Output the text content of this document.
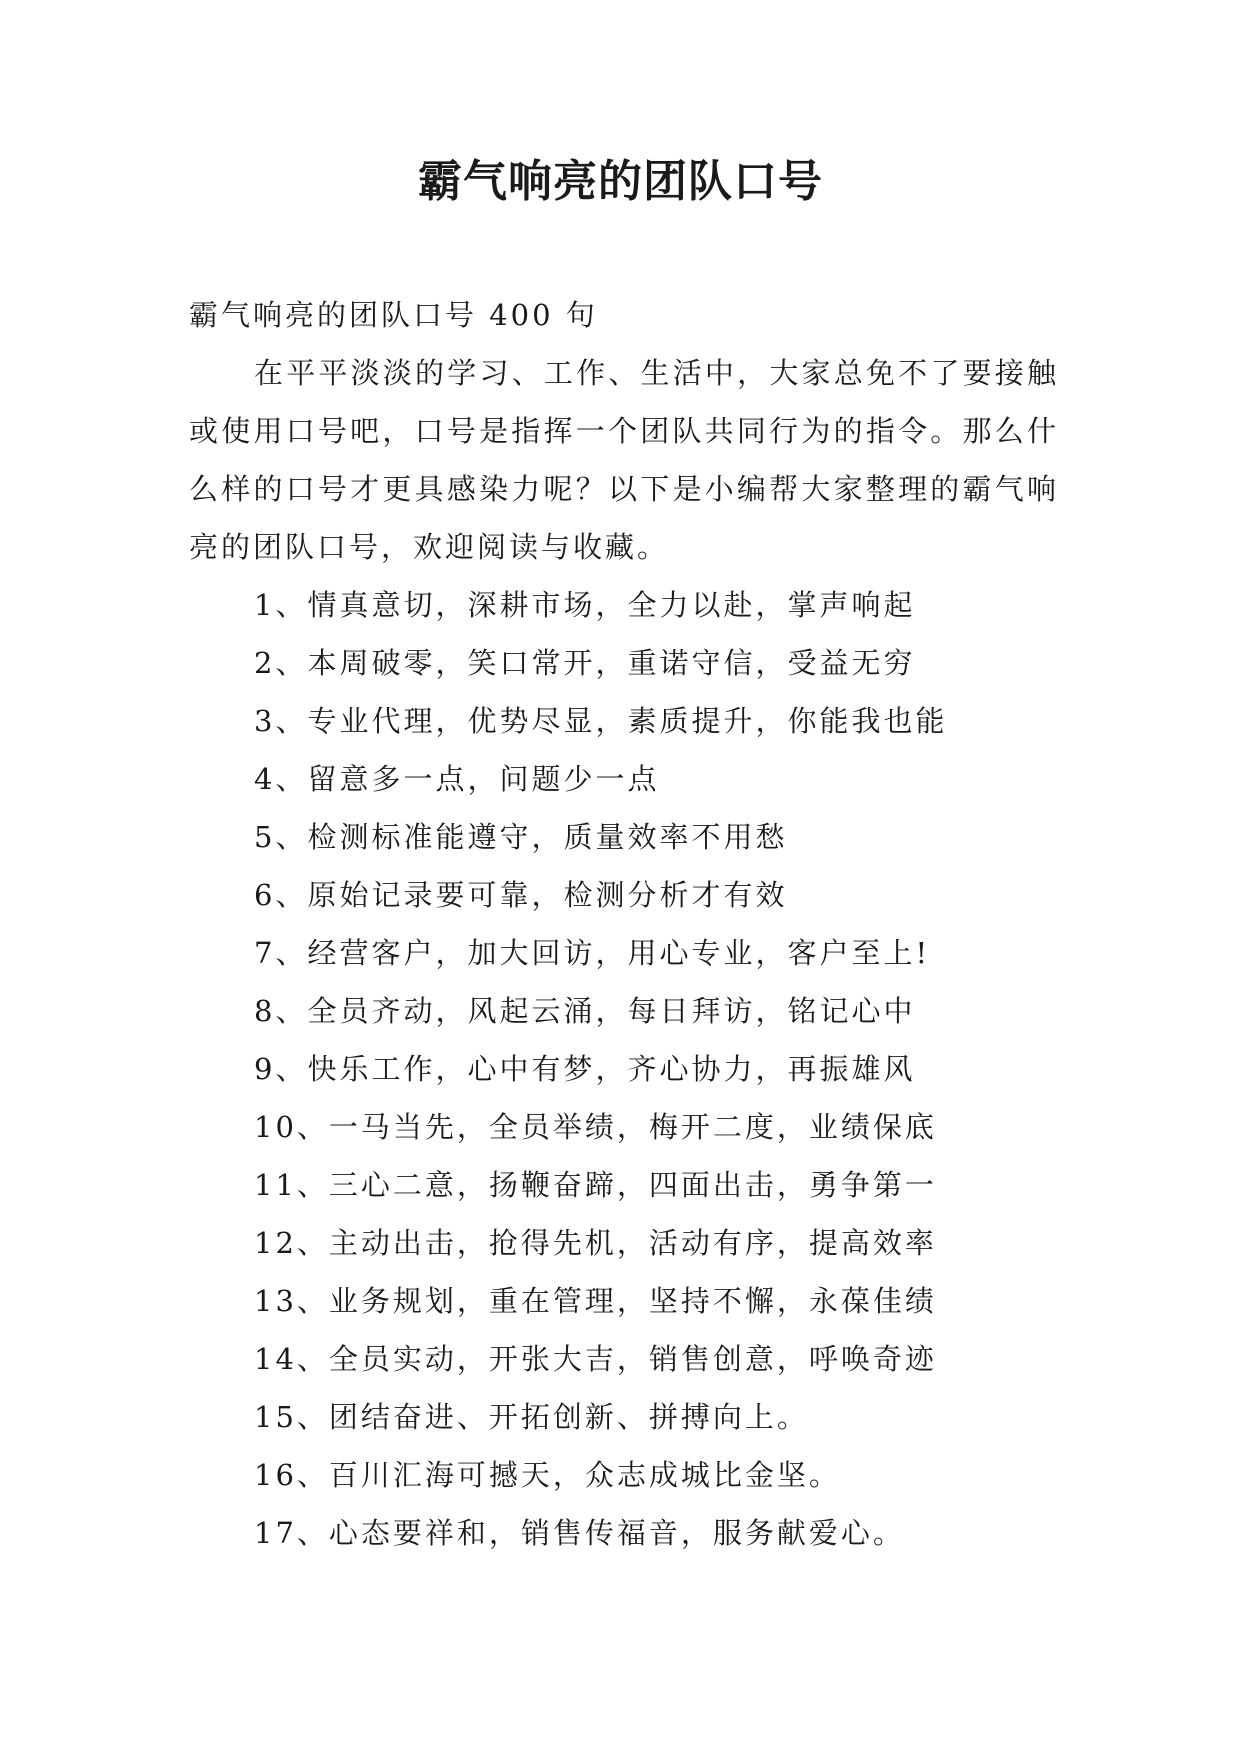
霸气响亮的团队口号

霸气响亮的团队口号 400 句

在平平淡淡的学习、工作、生活中，大家总免不了要接触或使用口号吧，口号是指挥一个团队共同行为的指令。那么什么样的口号才更具感染力呢？以下是小编帮大家整理的霸气响亮的团队口号，欢迎阅读与收藏。

1、情真意切，深耕市场，全力以赴，掌声响起
2、本周破零，笑口常开，重诺守信，受益无穷
3、专业代理，优势尽显，素质提升，你能我也能
4、留意多一点，问题少一点
5、检测标准能遵守，质量效率不用愁
6、原始记录要可靠，检测分析才有效
7、经营客户，加大回访，用心专业，客户至上!
8、全员齐动，风起云涌，每日拜访，铭记心中
9、快乐工作，心中有梦，齐心协力，再振雄风
10、一马当先，全员举绩，梅开二度，业绩保底
11、三心二意，扬鞭奋蹄，四面出击，勇争第一
12、主动出击，抢得先机，活动有序，提高效率
13、业务规划，重在管理，坚持不懈，永葆佳绩
14、全员实动，开张大吉，销售创意，呼唤奇迹
15、团结奋进、开拓创新、拼搏向上。
16、百川汇海可撼天，众志成城比金坚。
17、心态要祥和，销售传福音，服务献爱心。
